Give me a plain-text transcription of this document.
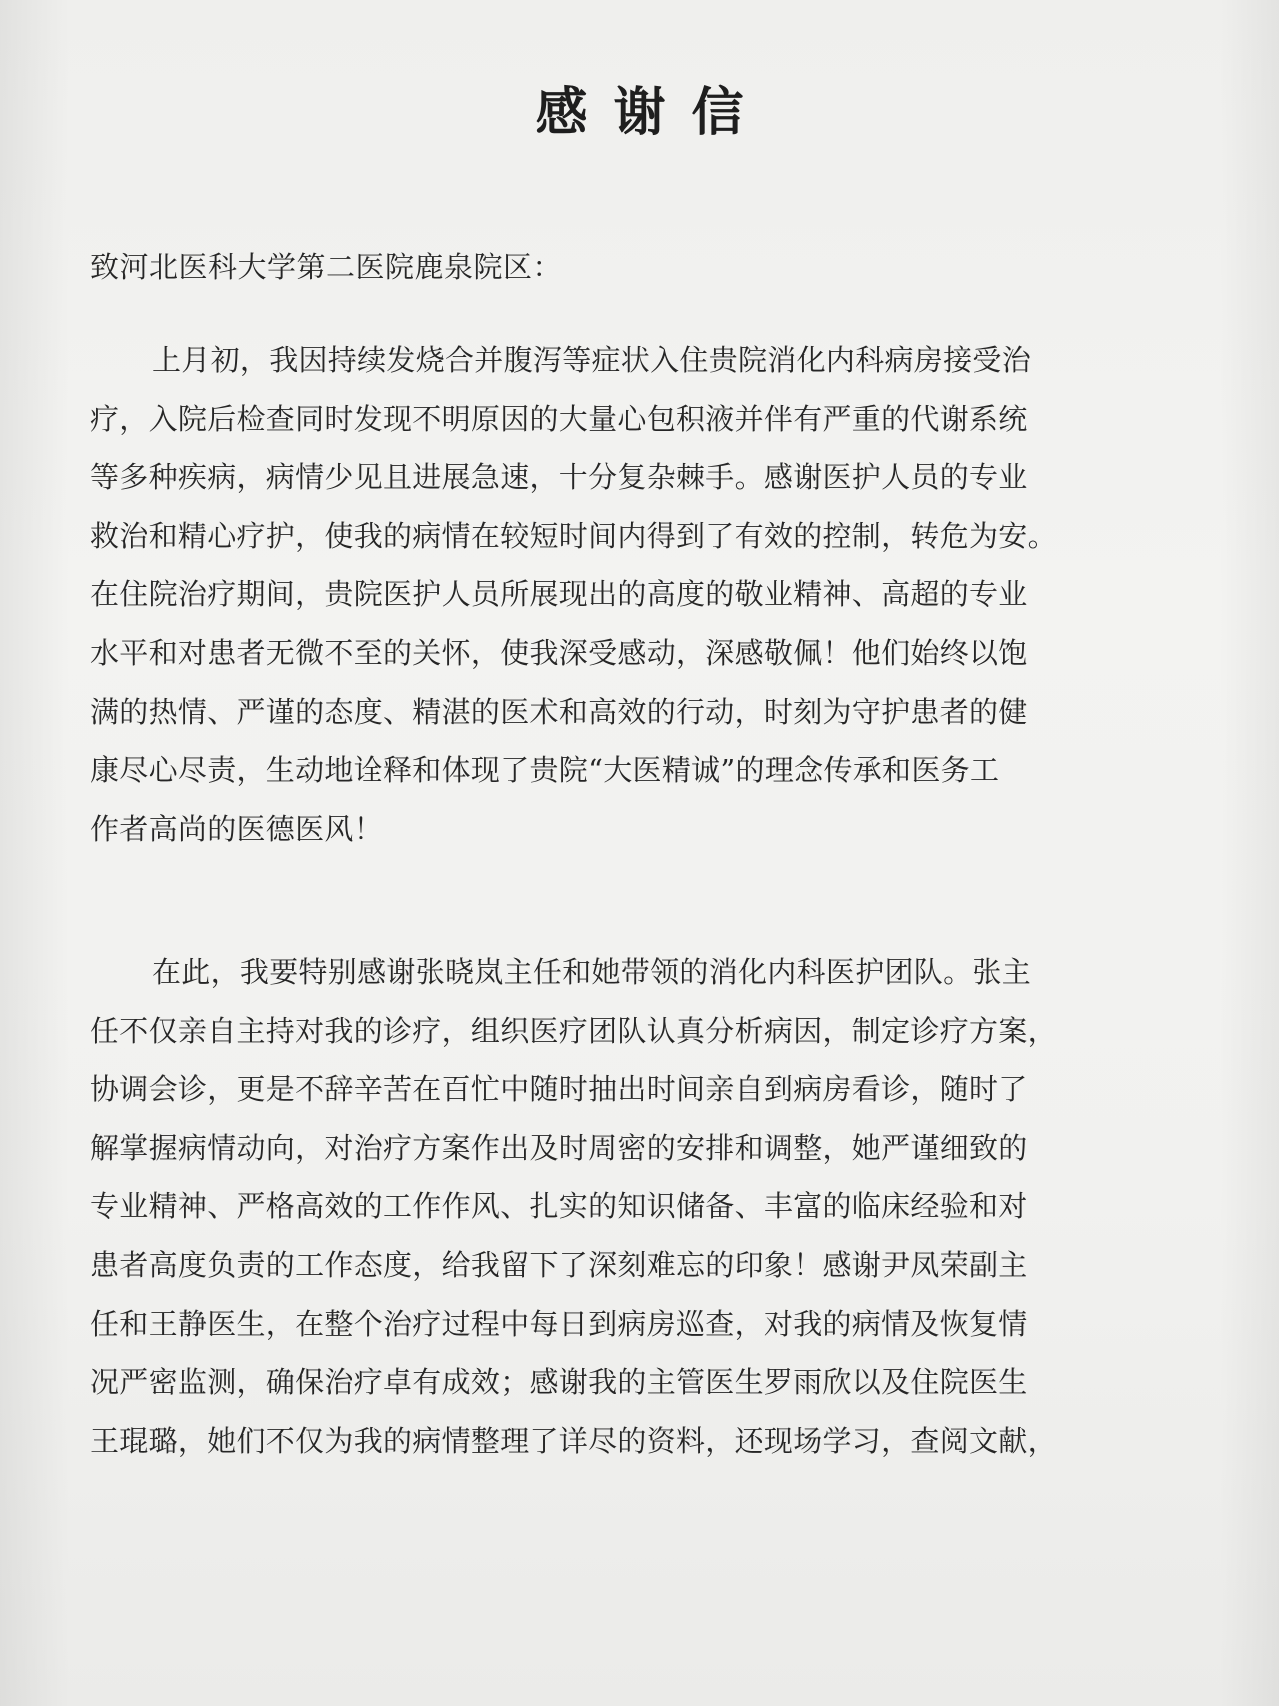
感谢信
致河北医科大学第二医院鹿泉院区：
上月初，我因持续发烧合并腹泻等症状入住贵院消化内科病房接受治
疗，入院后检查同时发现不明原因的大量心包积液并伴有严重的代谢系统
等多种疾病，病情少见且进展急速，十分复杂棘手。感谢医护人员的专业
救治和精心疗护，使我的病情在较短时间内得到了有效的控制，转危为安。
在住院治疗期间，贵院医护人员所展现出的高度的敬业精神、高超的专业
水平和对患者无微不至的关怀，使我深受感动，深感敬佩！他们始终以饱
满的热情、严谨的态度、精湛的医术和高效的行动，时刻为守护患者的健
康尽心尽责，生动地诠释和体现了贵院“大医精诚”的理念传承和医务工
作者高尚的医德医风！
在此，我要特别感谢张晓岚主任和她带领的消化内科医护团队。张主
任不仅亲自主持对我的诊疗，组织医疗团队认真分析病因，制定诊疗方案，
协调会诊，更是不辞辛苦在百忙中随时抽出时间亲自到病房看诊，随时了
解掌握病情动向，对治疗方案作出及时周密的安排和调整，她严谨细致的
专业精神、严格高效的工作作风、扎实的知识储备、丰富的临床经验和对
患者高度负责的工作态度，给我留下了深刻难忘的印象！感谢尹凤荣副主
任和王静医生，在整个治疗过程中每日到病房巡查，对我的病情及恢复情
况严密监测，确保治疗卓有成效；感谢我的主管医生罗雨欣以及住院医生
王琨璐，她们不仅为我的病情整理了详尽的资料，还现场学习，查阅文献，
